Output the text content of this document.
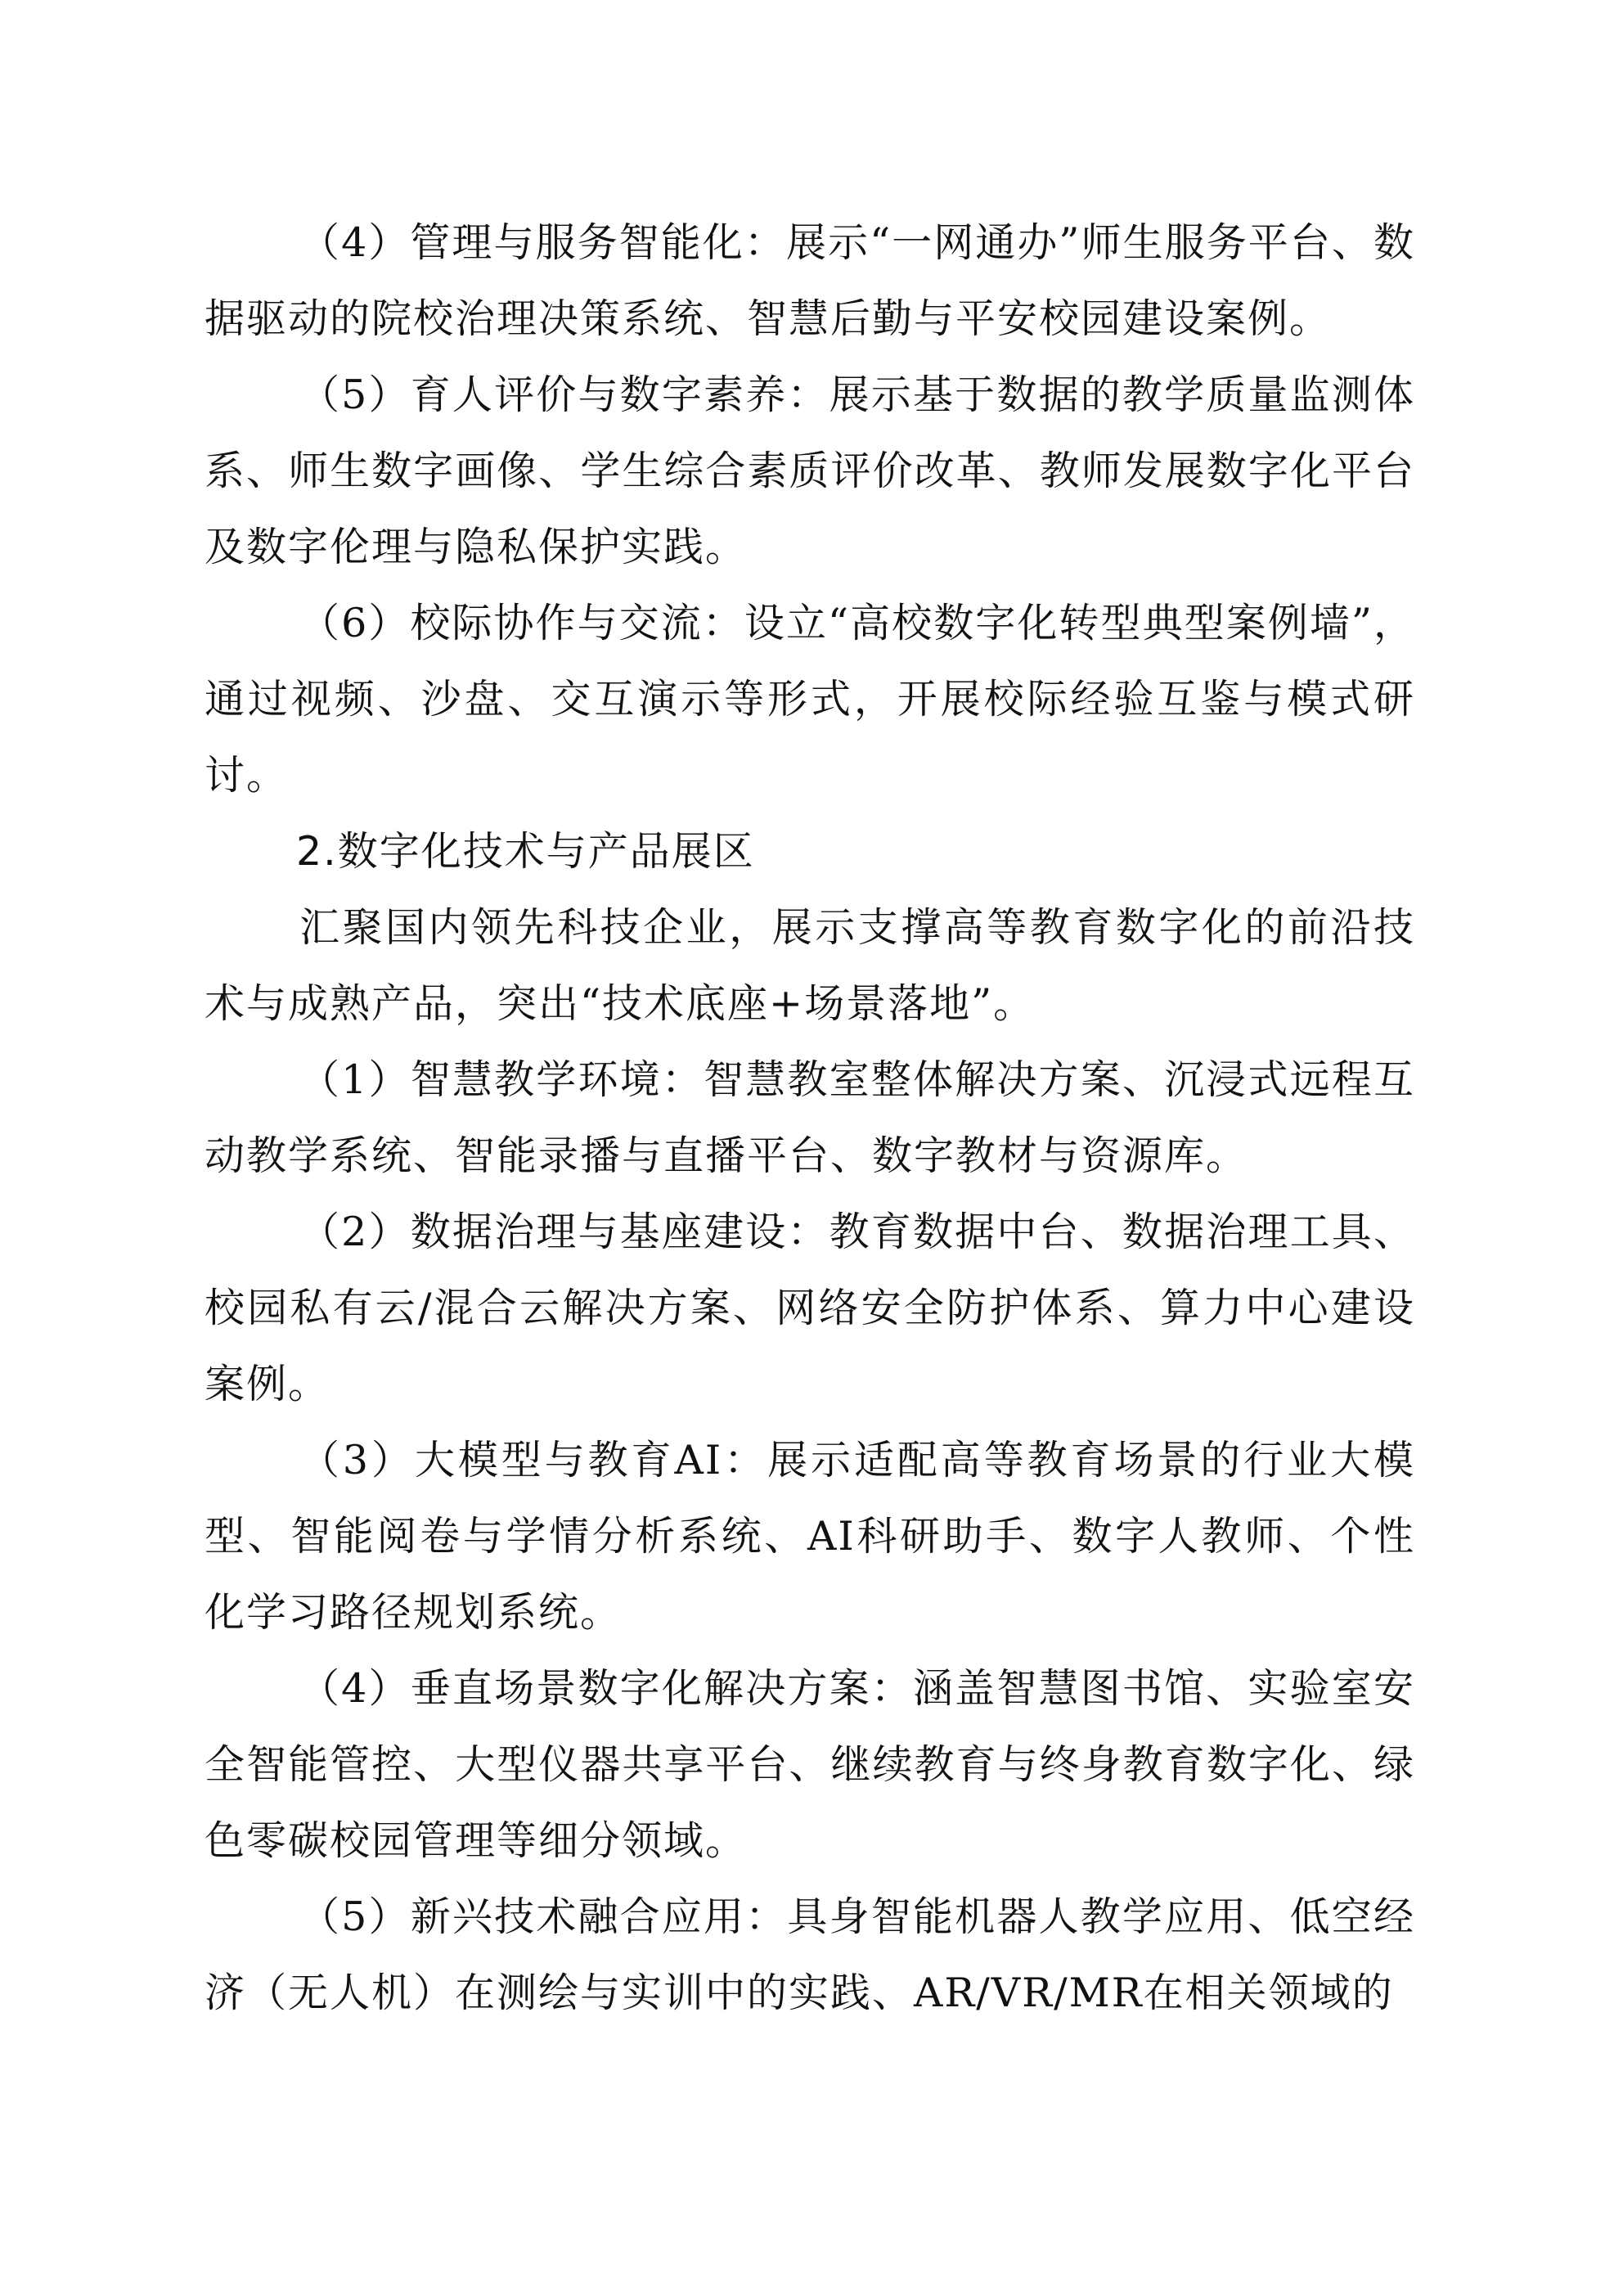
（4）管理与服务智能化：展示“一网通办”师生服务平台、数据驱动的院校治理决策系统、智慧后勤与平安校园建设案例。

（5）育人评价与数字素养：展示基于数据的教学质量监测体系、师生数字画像、学生综合素质评价改革、教师发展数字化平台及数字伦理与隐私保护实践。

（6）校际协作与交流：设立“高校数字化转型典型案例墙”，通过视频、沙盘、交互演示等形式，开展校际经验互鉴与模式研讨。

2.数字化技术与产品展区

汇聚国内领先科技企业，展示支撑高等教育数字化的前沿技术与成熟产品，突出“技术底座+场景落地”。

（1）智慧教学环境：智慧教室整体解决方案、沉浸式远程互动教学系统、智能录播与直播平台、数字教材与资源库。

（2）数据治理与基座建设：教育数据中台、数据治理工具、校园私有云/混合云解决方案、网络安全防护体系、算力中心建设案例。

（3）大模型与教育AI：展示适配高等教育场景的行业大模型、智能阅卷与学情分析系统、AI科研助手、数字人教师、个性化学习路径规划系统。

（4）垂直场景数字化解决方案：涵盖智慧图书馆、实验室安全智能管控、大型仪器共享平台、继续教育与终身教育数字化、绿色零碳校园管理等细分领域。

（5）新兴技术融合应用：具身智能机器人教学应用、低空经济（无人机）在测绘与实训中的实践、AR/VR/MR在相关领域的
